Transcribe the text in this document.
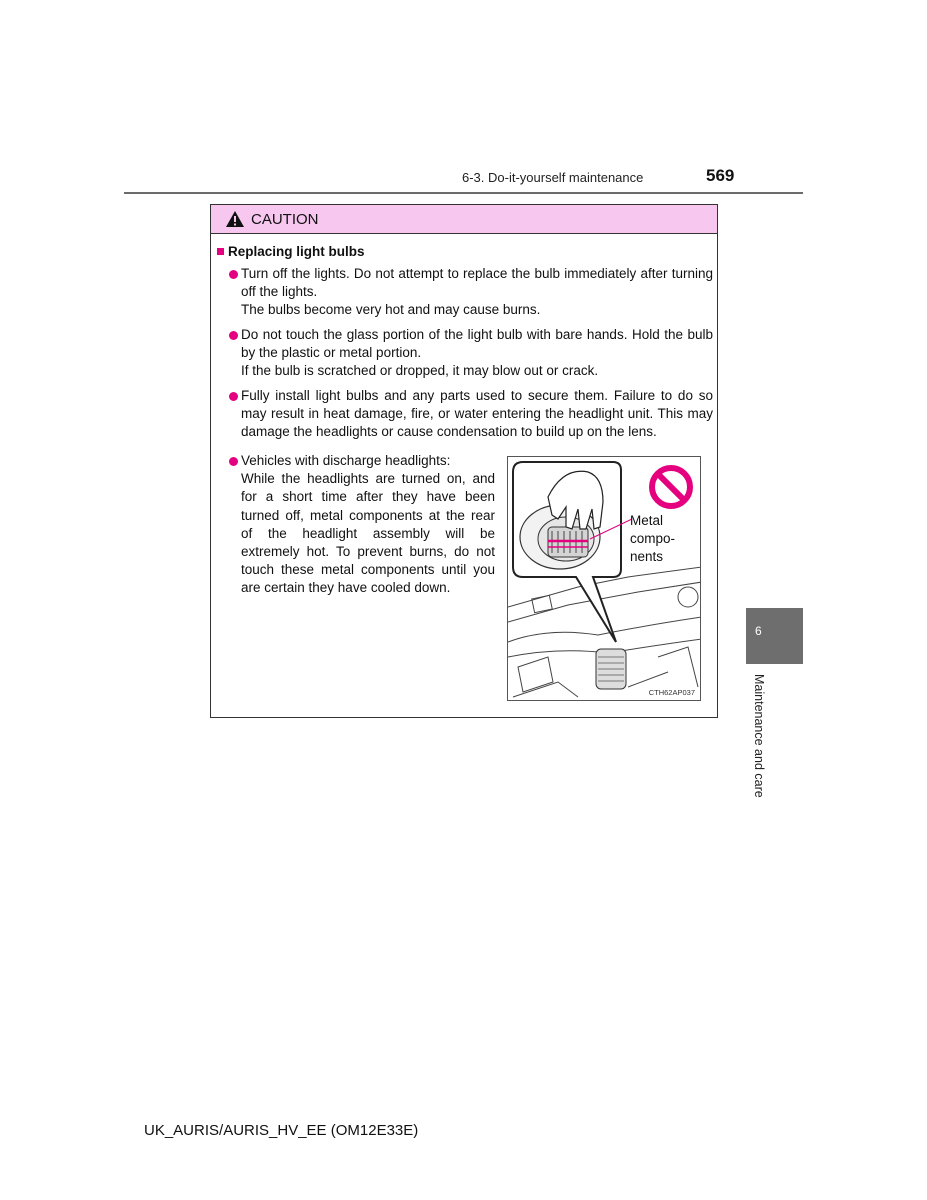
6-3. Do-it-yourself maintenance	569
CAUTION
Replacing light bulbs

Turn off the lights. Do not attempt to replace the bulb immediately after turning off the lights.

The bulbs become very hot and may cause burns.

Do not touch the glass portion of the light bulb with bare hands. Hold the bulb by the plastic or metal portion.

If the bulb is scratched or dropped, it may blow out or crack.

Fully install light bulbs and any parts used to secure them. Failure to do so may result in heat damage, fire, or water entering the headlight unit. This may damage the headlights or cause condensation to build up on the lens.

Vehicles with discharge headlights:

While the headlights are turned on, and for a short time after they have been turned off, metal components at the rear of the headlight assembly will be extremely hot. To prevent burns, do not touch these metal components until you are certain they have cooled down.

Metal
compo-
nents
CTH62AP037
6
Maintenance and care
UK_AURIS/AURIS_HV_EE (OM12E33E)
